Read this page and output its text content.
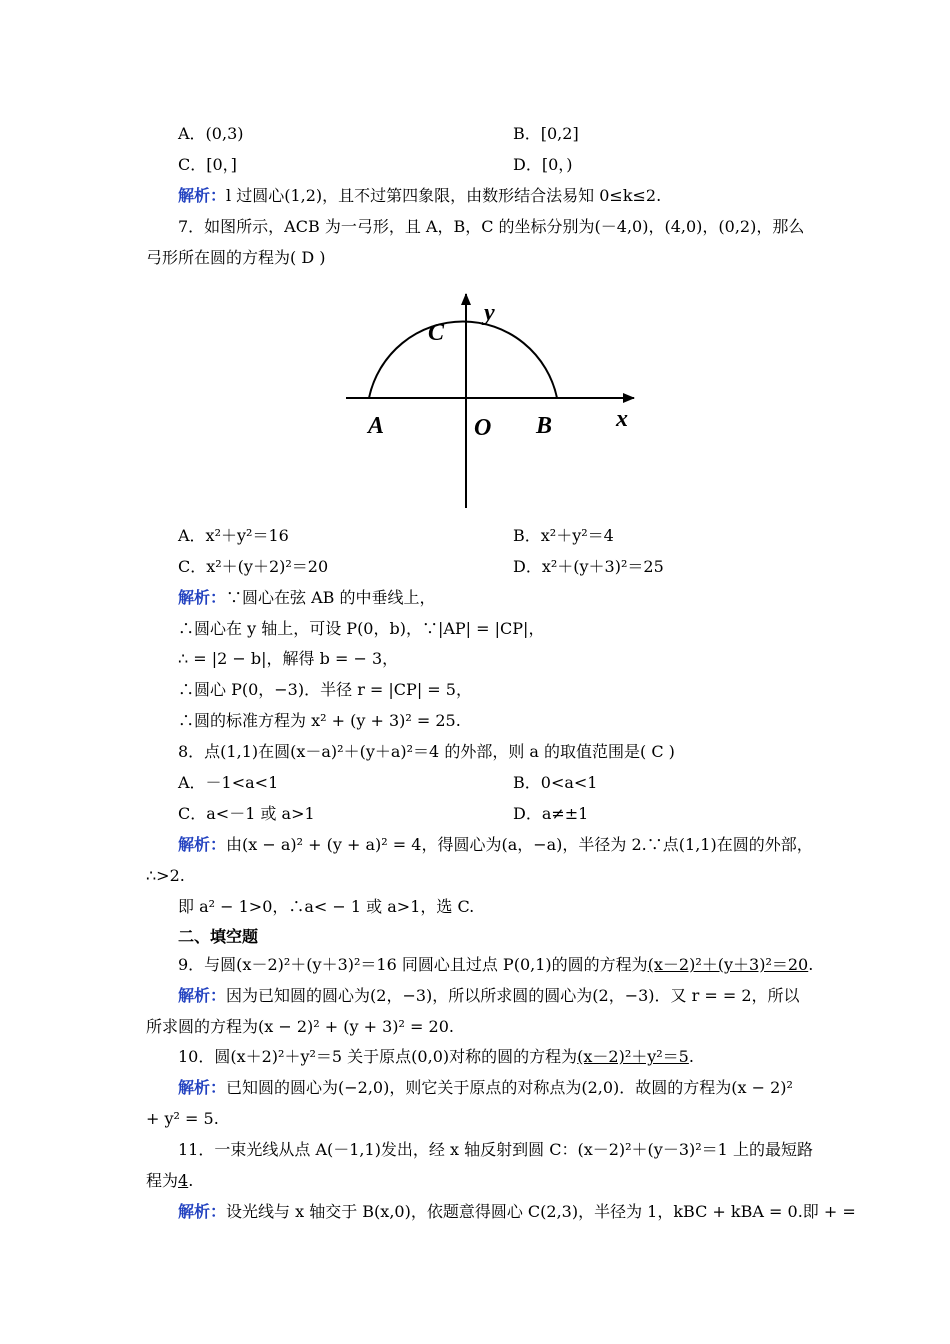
A．(0,3)	B．[0,2]
C．[0，]	D．[0，)
解析：l 过圆心(1,2)，且不过第四象限，由数形结合法易知 0≤k≤2.
7．如图所示，ACB 为一弓形，且 A，B，C 的坐标分别为(－4,0)，(4,0)，(0,2)，那么
弓形所在圆的方程为( D )
A	O B	x
C
y
A．x²＋y²＝16	B．x²＋y²＝4
C．x²＋(y＋2)²＝20	D．x²＋(y＋3)²＝25
解析：∵圆心在弦 AB 的中垂线上，
∴圆心在 y 轴上，可设 P(0，b)，∵|AP| = |CP|，
∴ = |2 − b|，解得 b = − 3，
∴圆心 P(0，−3)．半径 r = |CP| = 5，
∴圆的标准方程为 x² + (y + 3)² = 25.
8．点(1,1)在圆(x－a)²＋(y＋a)²＝4 的外部，则 a 的取值范围是( C )
A．－1<a<1	B．0<a<1
C．a<－1 或 a>1	D．a≠±1
解析：由(x − a)² + (y + a)² = 4，得圆心为(a，−a)，半径为 2.∵点(1,1)在圆的外部，
∴>2.
即 a² − 1>0，∴a< − 1 或 a>1，选 C.
二、填空题
9．与圆(x－2)²＋(y＋3)²＝16 同圆心且过点 P(0,1)的圆的方程为(x－2)²＋(y＋3)²＝20.
解析：因为已知圆的圆心为(2，−3)，所以所求圆的圆心为(2，−3)．又 r = = 2，所以
所求圆的方程为(x − 2)² + (y + 3)² = 20.
10．圆(x＋2)²＋y²＝5 关于原点(0,0)对称的圆的方程为(x－2)²＋y²＝5.
解析：已知圆的圆心为(−2,0)，则它关于原点的对称点为(2,0)．故圆的方程为(x − 2)²
+ y² = 5.
11．一束光线从点 A(－1,1)发出，经 x 轴反射到圆 C：(x－2)²＋(y－3)²＝1 上的最短路
程为4.
解析：设光线与 x 轴交于 B(x,0)，依题意得圆心 C(2,3)，半径为 1，kBC + kBA = 0.即 + =
